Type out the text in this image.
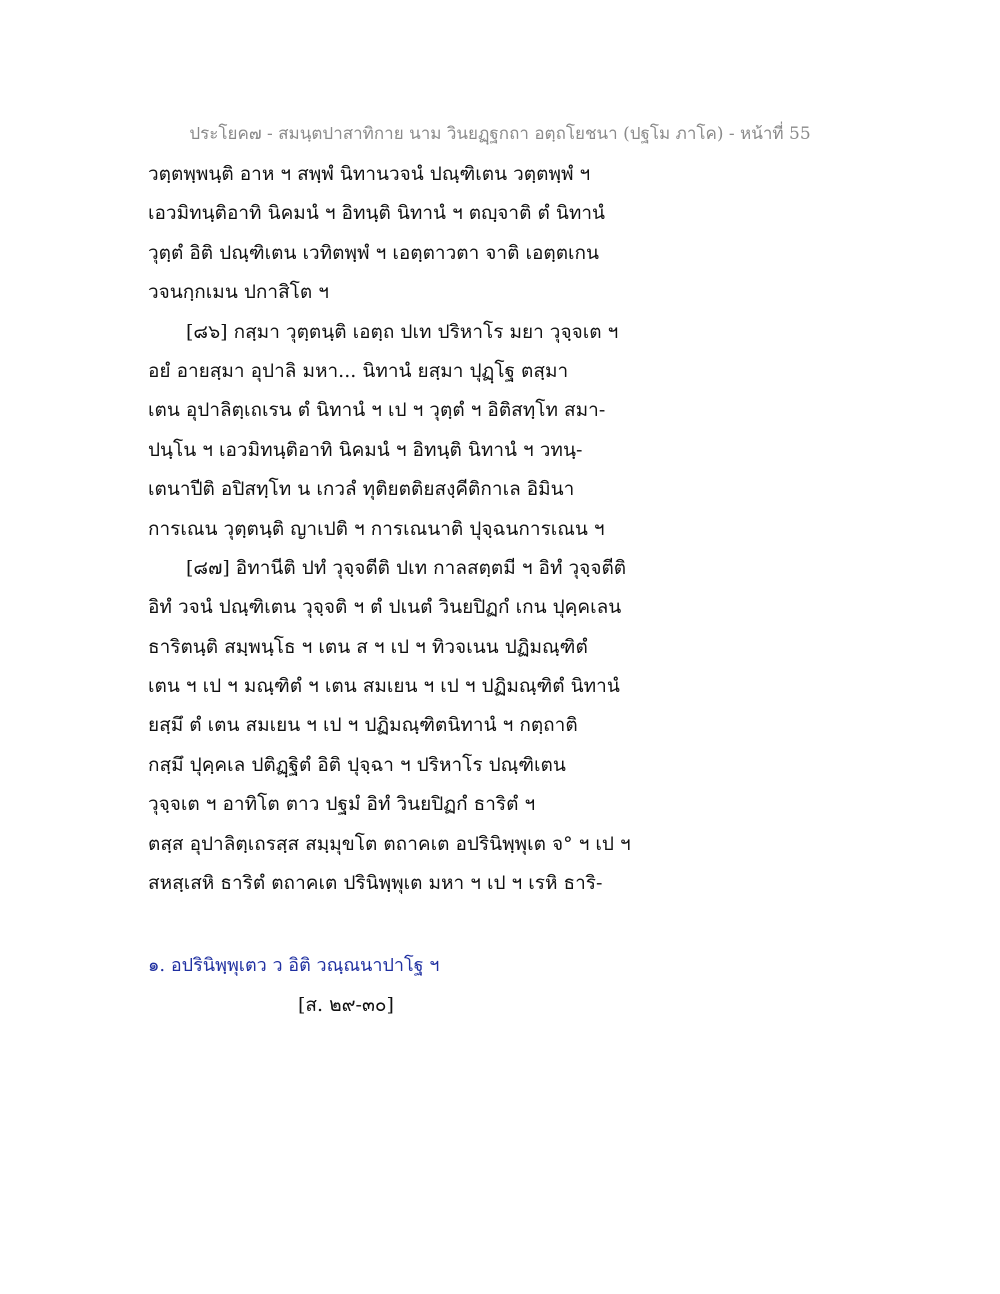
ประโยค๗ - สมนฺตปาสาทิกาย นาม วินยฏฺฐกถา อตฺถโยชนา (ปฐโม ภาโค) - หน้าที่ 55
วตฺตพฺพนฺติ อาห ฯ สพฺพํ นิทานวจนํ ปณฺฑิเตน วตฺตพฺพํ ฯ
เอวมิทนฺติอาทิ นิคมนํ ฯ อิทนฺติ นิทานํ ฯ ตญฺจาติ ตํ นิทานํ
วุตฺตํ อิติ ปณฺฑิเตน เวทิตพฺพํ ฯ เอตฺตาวตา จาติ เอตฺตเกน
วจนกฺกเมน ปกาสิโต ฯ
[๘๖] กสฺมา วุตฺตนฺติ เอตฺถ ปเท ปริหาโร มยา วุจฺจเต ฯ
อยํ อายสฺมา อุปาลิ มหา... นิทานํ ยสฺมา ปุฏฺโฐ ตสฺมา
เตน อุปาลิตฺเถเรน ตํ นิทานํ ฯ เป ฯ วุตฺตํ ฯ อิติสทฺโท สมา-
ปนฺโน ฯ เอวมิทนฺติอาทิ นิคมนํ ฯ อิทนฺติ นิทานํ ฯ วทนฺ-
เตนาปีติ อปิสทฺโท น เกวลํ ทุติยตติยสงฺคีติกาเล อิมินา
การเณน วุตฺตนฺติ ญาเปติ ฯ การเณนาติ ปุจฺฉนการเณน ฯ
[๘๗] อิทานีติ ปทํ วุจฺจตีติ ปเท กาลสตฺตมี ฯ อิทํ วุจฺจตีติ
อิทํ วจนํ ปณฺฑิเตน วุจฺจติ ฯ ตํ ปเนตํ วินยปิฏกํ เกน ปุคฺคเลน
ธาริตนฺติ สมฺพนฺโธ ฯ เตน ส ฯ เป ฯ ทิวจเนน ปฏิมณฺฑิตํ
เตน ฯ เป ฯ มณฺฑิตํ ฯ เตน สมเยน ฯ เป ฯ ปฏิมณฺฑิตํ นิทานํ
ยสฺมึ ตํ เตน สมเยน ฯ เป ฯ ปฏิมณฺฑิตนิทานํ ฯ กตฺถาติ
กสฺมึ ปุคฺคเล ปติฏฺฐิตํ อิติ ปุจฺฉา ฯ ปริหาโร ปณฺฑิเตน
วุจฺจเต ฯ อาทิโต ตาว ปฐมํ อิทํ วินยปิฏกํ ธาริตํ ฯ
ตสฺส อุปาลิตฺเถรสฺส สมฺมุขโต ตถาคเต อปรินิพฺพุเต จ° ฯ เป ฯ
สหสฺเสหิ ธาริตํ ตถาคเต ปรินิพฺพุเต มหา ฯ เป ฯ เรหิ ธาริ-
๑. อปรินิพฺพุเตว ว อิติ วณฺณนาปาโฐ ฯ
[ส. ๒๙-๓๐]
